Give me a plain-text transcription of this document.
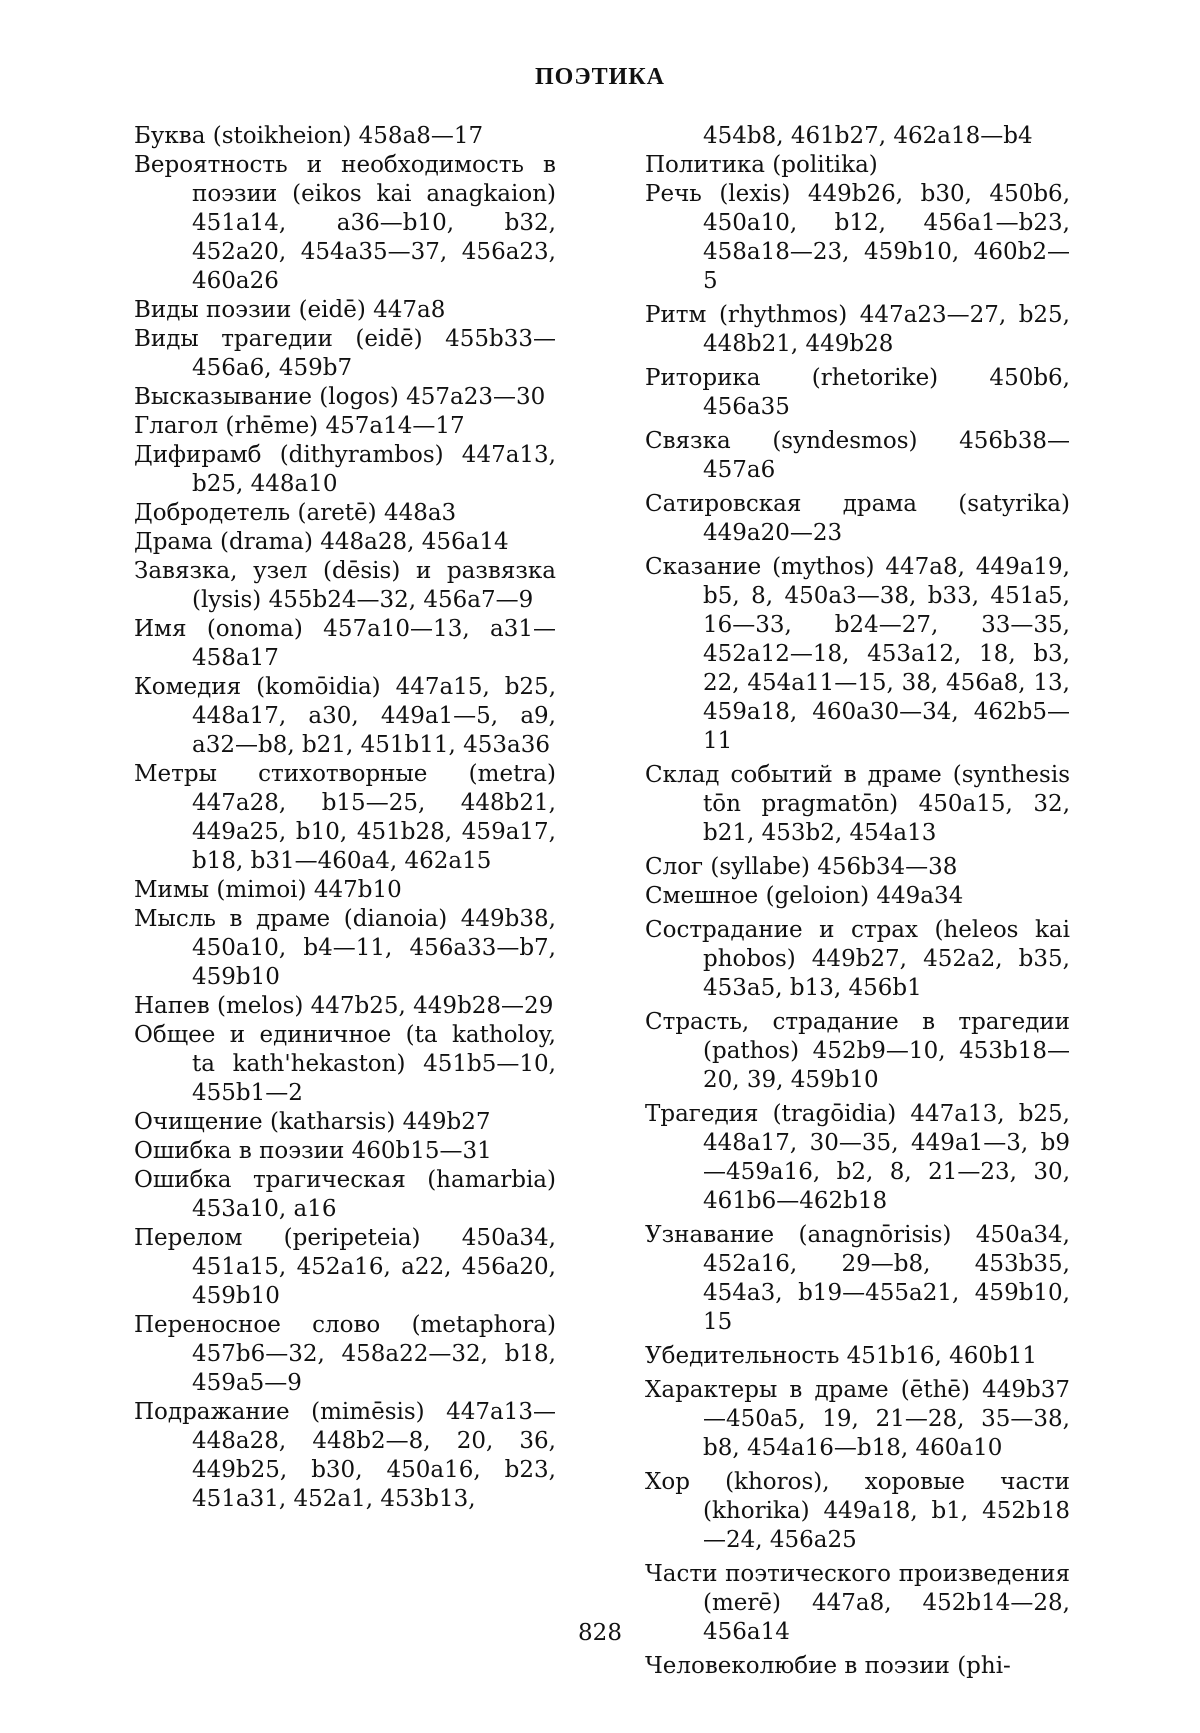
ПОЭТИКА

Буква (stoikheion) 458a8—17

Вероятность и необходимость в поэзии (eikos kai anagkaion) 451a14, a36—b10, b32, 452a20, 454a35—37, 456a23, 460a26

Виды поэзии (eidē) 447a8

Виды трагедии (eidē) 455b33—456a6, 459b7

Высказывание (logos) 457a23—30

Глагол (rhēme) 457a14—17

Дифирамб (dithyrambos) 447a13, b25, 448a10

Добродетель (aretē) 448a3

Драма (drama) 448a28, 456a14

Завязка, узел (dēsis) и развязка (lysis) 455b24—32, 456a7—9

Имя (onoma) 457a10—13, a31—458a17

Комедия (komōidia) 447a15, b25, 448a17, a30, 449a1—5, a9, a32—b8, b21, 451b11, 453a36

Метры стихотворные (metra) 447a28, b15—25, 448b21, 449a25, b10, 451b28, 459a17, b18, b31—460a4, 462a15

Мимы (mimoi) 447b10

Мысль в драме (dianoia) 449b38, 450a10, b4—11, 456a33—b7, 459b10

Напев (melos) 447b25, 449b28—29

Общее и единичное (ta katholoy, ta kath'hekaston) 451b5—10, 455b1—2

Очищение (katharsis) 449b27

Ошибка в поэзии 460b15—31

Ошибка трагическая (hamarbia) 453a10, a16

Перелом (peripeteia) 450a34, 451a15, 452a16, a22, 456a20, 459b10

Переносное слово (metaphora) 457b6—32, 458a22—32, b18, 459a5—9

Подражание (mimēsis) 447a13—448a28, 448b2—8, 20, 36, 449b25, b30, 450a16, b23, 451a31, 452a1, 453b13,

454b8, 461b27, 462a18—b4

Политика (politika)

Речь (lexis) 449b26, b30, 450b6, 450a10, b12, 456a1—b23, 458a18—23, 459b10, 460b2—5

Ритм (rhythmos) 447a23—27, b25, 448b21, 449b28

Риторика (rhetorike) 450b6, 456a35

Связка (syndesmos) 456b38—457a6

Сатировская драма (satyrika) 449a20—23

Сказание (mythos) 447a8, 449a19, b5, 8, 450a3—38, b33, 451a5, 16—33, b24—27, 33—35, 452a12—18, 453a12, 18, b3, 22, 454a11—15, 38, 456a8, 13, 459a18, 460a30—34, 462b5—11

Склад событий в драме (synthesis tōn pragmatōn) 450a15, 32, b21, 453b2, 454a13

Слог (syllabe) 456b34—38

Смешное (geloion) 449a34

Сострадание и страх (heleos kai phobos) 449b27, 452a2, b35, 453a5, b13, 456b1

Страсть, страдание в трагедии (pathos) 452b9—10, 453b18—20, 39, 459b10

Трагедия (tragōidia) 447a13, b25, 448a17, 30—35, 449a1—3, b9—459a16, b2, 8, 21—23, 30, 461b6—462b18

Узнавание (anagnōrisis) 450a34, 452a16, 29—b8, 453b35, 454a3, b19—455a21, 459b10, 15

Убедительность 451b16, 460b11

Характеры в драме (ēthē) 449b37—450a5, 19, 21—28, 35—38, b8, 454a16—b18, 460a10

Хор (khoros), хоровые части (khorika) 449a18, b1, 452b18—24, 456a25

Части поэтического произведения (merē) 447a8, 452b14—28, 456a14

Человеколюбие в поэзии (phi-

828
